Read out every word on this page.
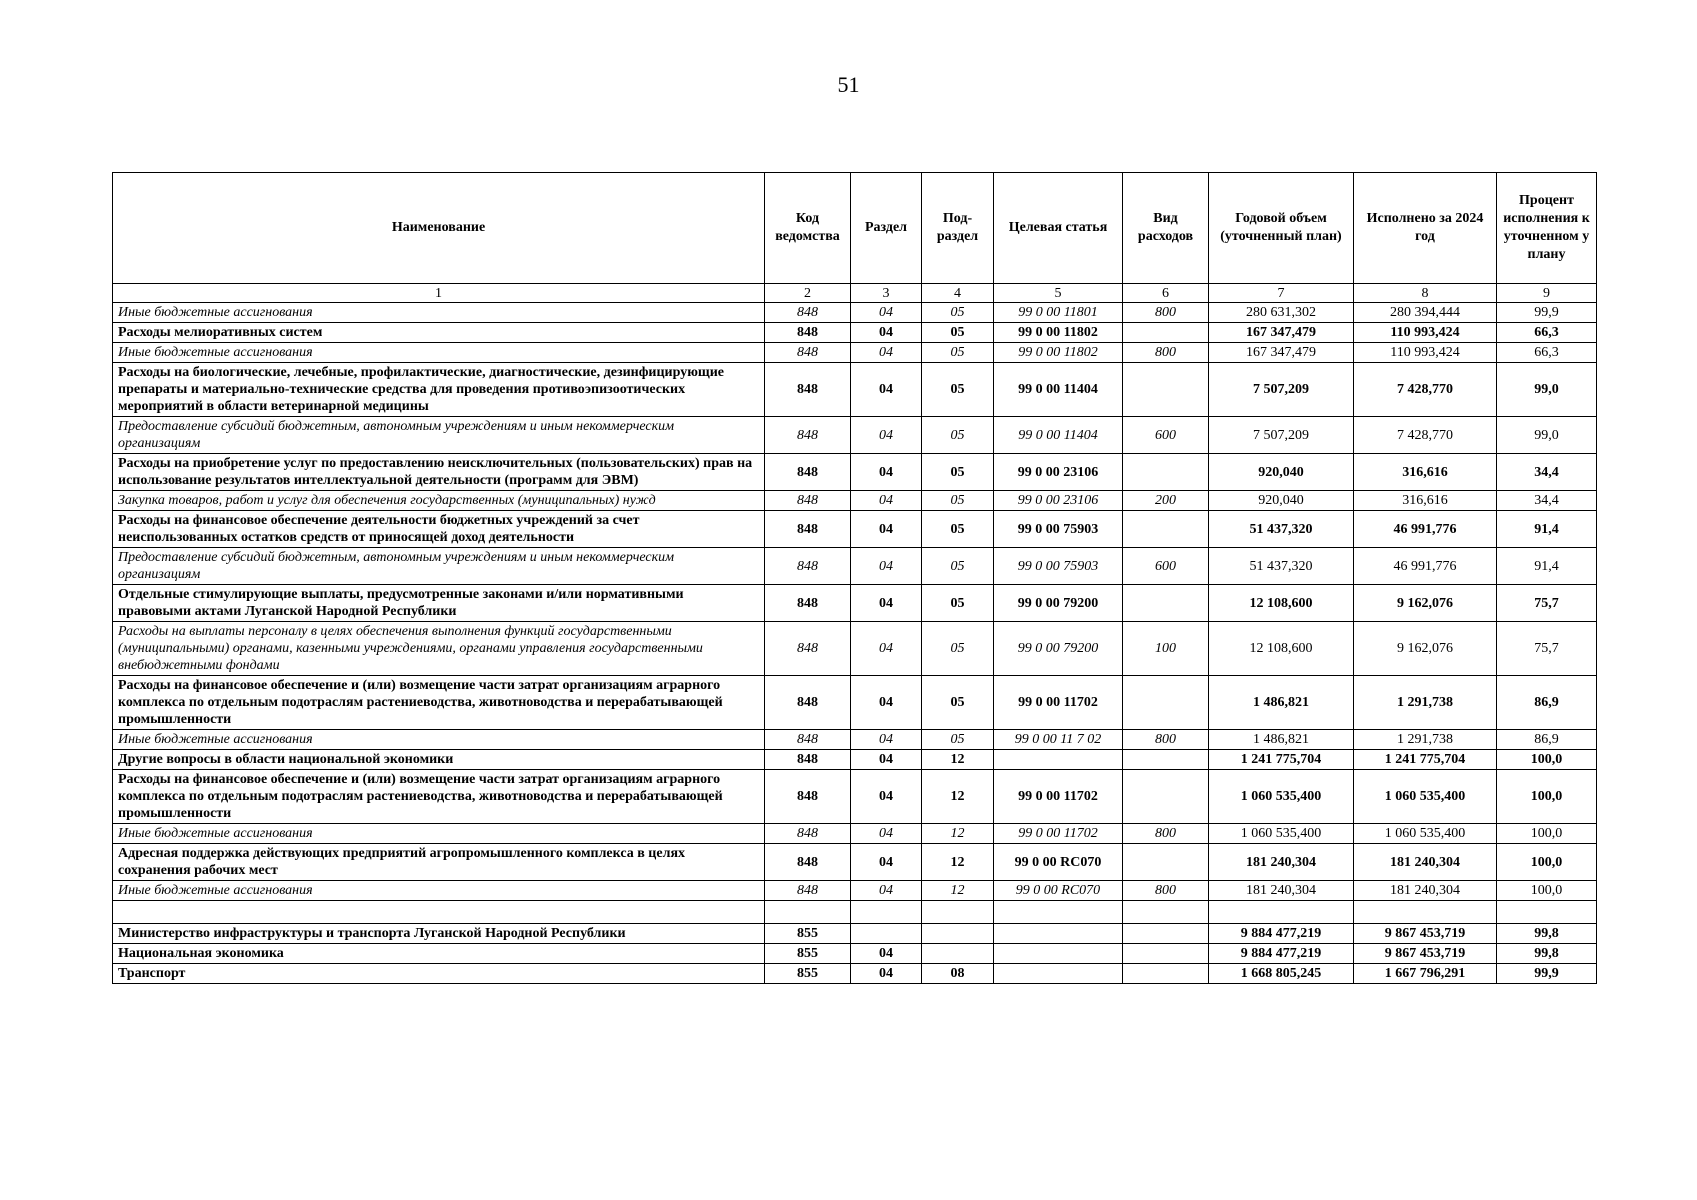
51
Наименование	Код ведомства	Раздел	Под-раздел	Целевая статья	Вид расходов	Годовой объем (уточненный план)	Исполнено за 2024 год	Процент исполнения к уточненном у плану
1	2	3	4	5	6	7	8	9
Иные бюджетные ассигнования	848	04	05	99 0 00 11801	800	280 631,302	280 394,444	99,9
Расходы мелиоративных систем	848	04	05	99 0 00 11802		167 347,479	110 993,424	66,3
Иные бюджетные ассигнования	848	04	05	99 0 00 11802	800	167 347,479	110 993,424	66,3
Расходы на биологические, лечебные, профилактические, диагностические, дезинфицирующие препараты и материально-технические средства для проведения противоэпизоотических мероприятий в области ветеринарной медицины	848	04	05	99 0 00 11404		7 507,209	7 428,770	99,0
Предоставление субсидий бюджетным, автономным учреждениям и иным некоммерческим организациям	848	04	05	99 0 00 11404	600	7 507,209	7 428,770	99,0
Расходы на приобретение услуг по предоставлению неисключительных (пользовательских) прав на использование результатов интеллектуальной деятельности (программ для ЭВМ)	848	04	05	99 0 00 23106		920,040	316,616	34,4
Закупка товаров, работ и услуг для обеспечения государственных (муниципальных) нужд	848	04	05	99 0 00 23106	200	920,040	316,616	34,4
Расходы на финансовое обеспечение деятельности бюджетных учреждений за счет неиспользованных остатков средств от приносящей доход деятельности	848	04	05	99 0 00 75903		51 437,320	46 991,776	91,4
Предоставление субсидий бюджетным, автономным учреждениям и иным некоммерческим организациям	848	04	05	99 0 00 75903	600	51 437,320	46 991,776	91,4
Отдельные стимулирующие выплаты, предусмотренные законами и/или нормативными правовыми актами Луганской Народной Республики	848	04	05	99 0 00 79200		12 108,600	9 162,076	75,7
Расходы на выплаты персоналу в целях обеспечения выполнения функций государственными (муниципальными) органами, казенными учреждениями, органами управления государственными внебюджетными фондами	848	04	05	99 0 00 79200	100	12 108,600	9 162,076	75,7
Расходы на финансовое обеспечение и (или) возмещение части затрат организациям аграрного комплекса по отдельным подотраслям растениеводства, животноводства и перерабатывающей промышленности	848	04	05	99 0 00 11702		1 486,821	1 291,738	86,9
Иные бюджетные ассигнования	848	04	05	99 0 00 11 7 02	800	1 486,821	1 291,738	86,9
Другие вопросы в области национальной экономики	848	04	12			1 241 775,704	1 241 775,704	100,0
Расходы на финансовое обеспечение и (или) возмещение части затрат организациям аграрного комплекса по отдельным подотраслям растениеводства, животноводства и перерабатывающей промышленности	848	04	12	99 0 00 11702		1 060 535,400	1 060 535,400	100,0
Иные бюджетные ассигнования	848	04	12	99 0 00 11702	800	1 060 535,400	1 060 535,400	100,0
Адресная поддержка действующих предприятий агропромышленного комплекса в целях сохранения рабочих мест	848	04	12	99 0 00 RC070		181 240,304	181 240,304	100,0
Иные бюджетные ассигнования	848	04	12	99 0 00 RC070	800	181 240,304	181 240,304	100,0

Министерство инфраструктуры и транспорта Луганской Народной Республики	855					9 884 477,219	9 867 453,719	99,8
Национальная экономика	855	04				9 884 477,219	9 867 453,719	99,8
Транспорт	855	04	08			1 668 805,245	1 667 796,291	99,9
